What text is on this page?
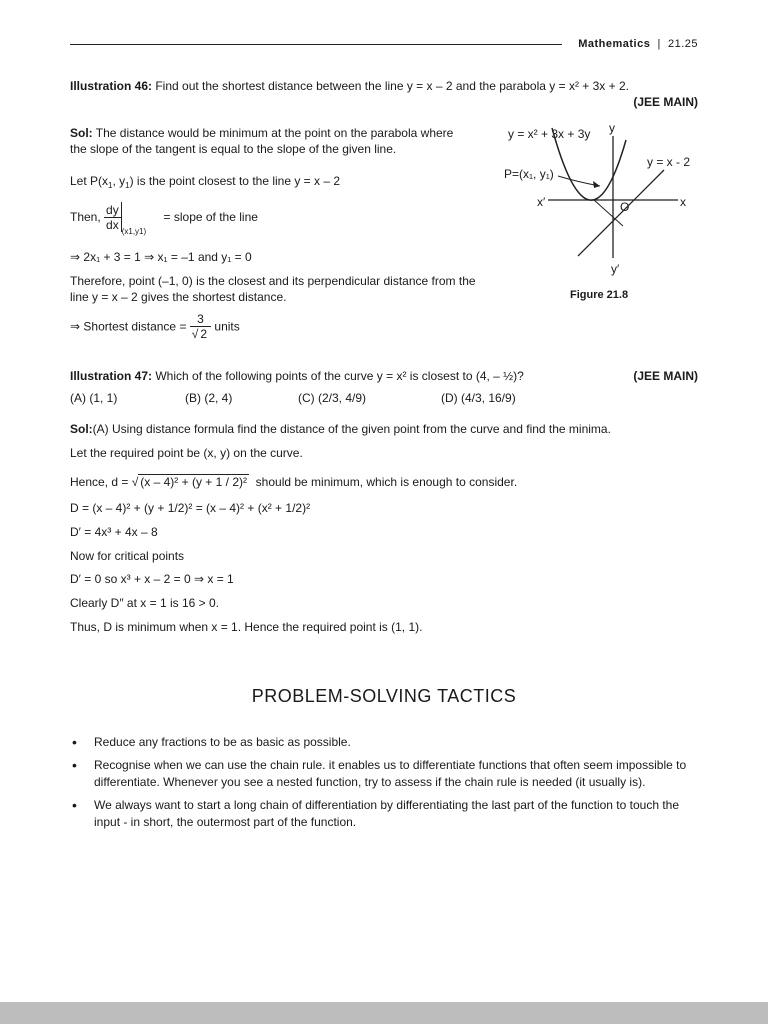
Mathematics | 21.25
Illustration 46: Find out the shortest distance between the line y = x – 2 and the parabola y = x² + 3x + 2.
(JEE MAIN)
Sol: The distance would be minimum at the point on the parabola where
the slope of the tangent is equal to the slope of the given line.
Let $P(x_1$, $y_1$) is the point closest to the line y = x – 2
Then, $\frac{dy}{dx}$
$_{(x1,y1)}$ = slope of the line
⇒ 2x₁ + 3 = 1 ⇒ x₁ = –1 and y₁ = 0
Therefore, point (–1, 0) is the closest and its perpendicular distance from the
line y = x – 2 gives the shortest distance.
⇒ Shortest distance = $\frac{3}{√ 2}$ units
y = x² + 3x + 3y y
y = x - 2
P=(x₁, y₁)
x′	x
O
y′
Figure 21.8
Illustration 47: Which of the following points of the curve y = x² is closest to (4, – ½)?	(JEE MAIN)
(A) (1, 1)	(B) (2, 4)	(C) (2/3, 4/9)	(D) (4/3, 16/9)
Sol:(A) Using distance formula find the distance of the given point from the curve and find the minima.
Let the required point be (x, y) on the curve.
Hence, d = √ (x – 4)² + (y + 1 / 2)² should be minimum, which is enough to consider.
D = (x – 4)² + (y + 1/2)² = (x – 4)² + (x² + 1/2)²
D′ = 4x³ + 4x – 8
Now for critical points
D′ = 0 so x³ + x – 2 = 0 ⇒ x = 1
Clearly D″ at x = 1 is 16 > 0.
Thus, D is minimum when x = 1. Hence the required point is (1, 1).
PROBLEM-SOLVING TACTICS
• Reduce any fractions to be as basic as possible.
• Recognise when we can use the chain rule. it enables us to differentiate functions that often seem impossible to differentiate. Whenever you see a nested function, try to assess if the chain rule is needed (it usually is).
• We always want to start a long chain of differentiation by differentiating the last part of the function to touch the input - in short, the outermost part of the function.
